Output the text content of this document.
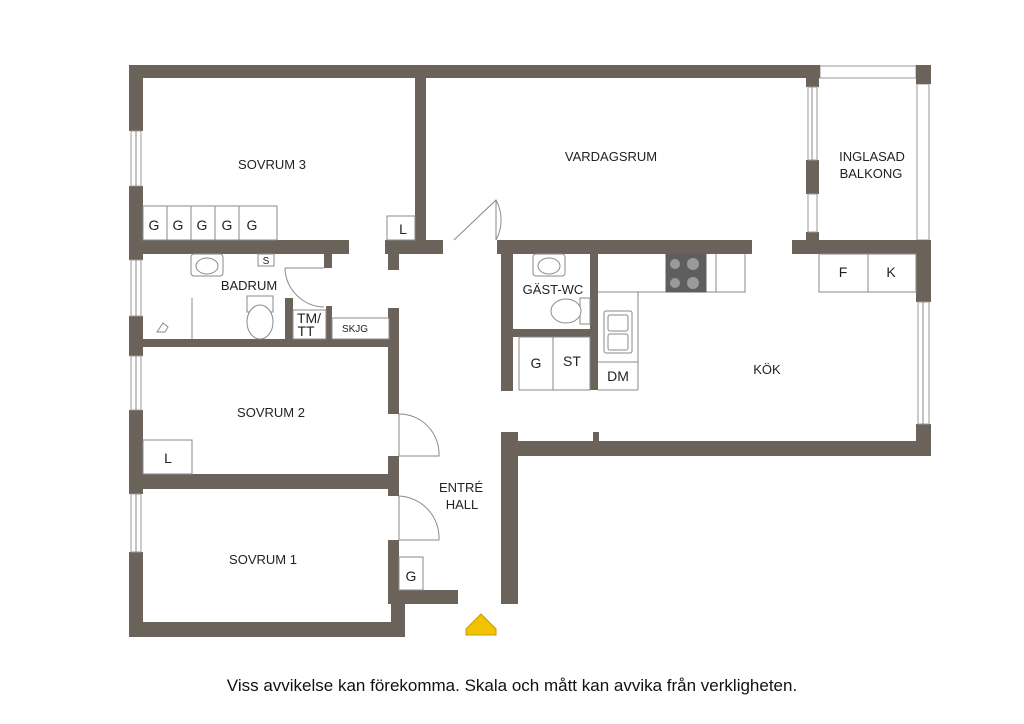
G G G G G	L
S
TM/
TT	SKJG
G ST
DM
F	K
L
G
SOVRUM 3
VARDAGSRUM	INGLASAD
BALKONG
BADRUM	GÄST-WC
KÖK
SOVRUM 2
SOVRUM 1
ENTRÉ
HALL
Viss avvikelse kan förekomma. Skala och mått kan avvika från verkligheten.
